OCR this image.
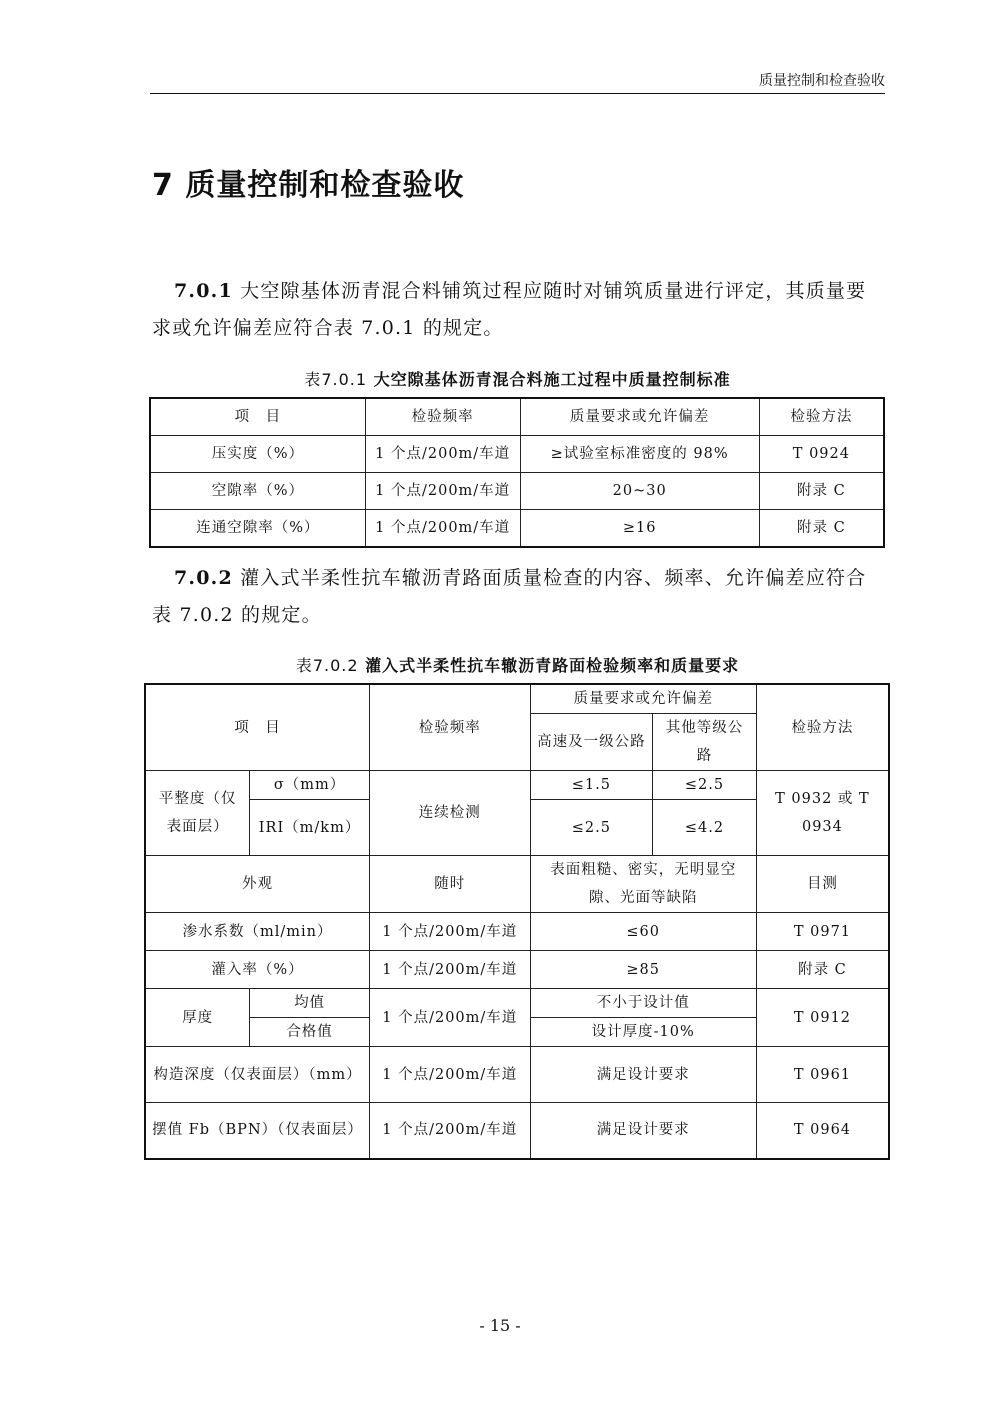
质量控制和检查验收
7 质量控制和检查验收

7.0.1 大空隙基体沥青混合料铺筑过程应随时对铺筑质量进行评定，其质量要求或允许偏差应符合表 7.0.1 的规定。

表7.0.1 大空隙基体沥青混合料施工过程中质量控制标准

项　目	检验频率	质量要求或允许偏差	检验方法
压实度（%）	1 个点/200m/车道	≥试验室标准密度的 98%	T 0924
空隙率（%）	1 个点/200m/车道	20~30	附录 C
连通空隙率（%）	1 个点/200m/车道	≥16	附录 C

7.0.2 灌入式半柔性抗车辙沥青路面质量检查的内容、频率、允许偏差应符合表 7.0.2 的规定。

表7.0.2 灌入式半柔性抗车辙沥青路面检验频率和质量要求

项　目		检验频率	质量要求或允许偏差		检验方法
			高速及一级公路	其他等级公路	
平整度（仅表面层）	σ（mm）	连续检测	≤1.5	≤2.5	T 0932 或 T 0934
	IRI（m/km）		≤2.5	≤4.2	
外观		随时	表面粗糙、密实，无明显空隙、光面等缺陷		目测
渗水系数（ml/min）		1 个点/200m/车道	≤60		T 0971
灌入率（%）		1 个点/200m/车道	≥85		附录 C
厚度	均值	1 个点/200m/车道	不小于设计值		T 0912
	合格值		设计厚度-10%		
构造深度（仅表面层）（mm）		1 个点/200m/车道	满足设计要求		T 0961
摆值 Fb（BPN）（仅表面层）		1 个点/200m/车道	满足设计要求		T 0964
- 15 -
